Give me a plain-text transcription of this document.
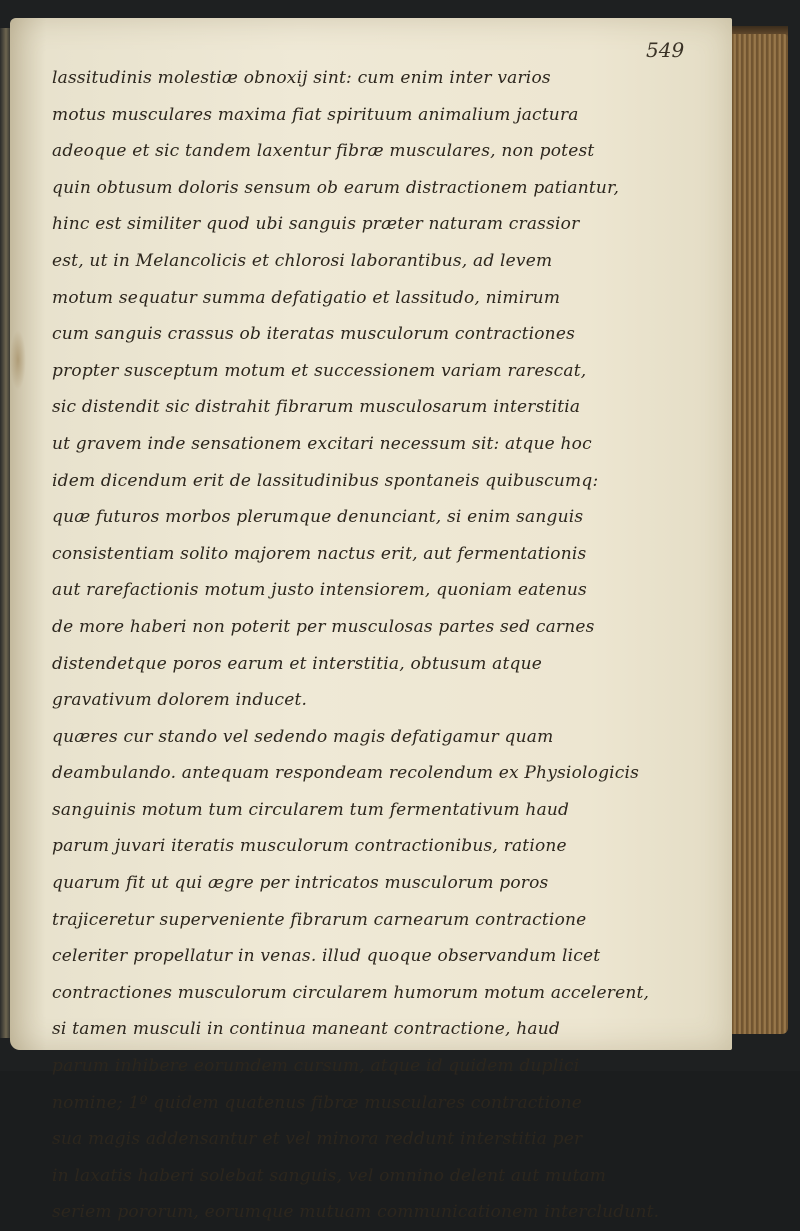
549
lassitudinis molestiæ obnoxij sint: cum enim inter varios
motus musculares maxima fiat spirituum animalium jactura
adeoque et sic tandem laxentur fibræ musculares, non potest
quin obtusum doloris sensum ob earum distractionem patiantur,
hinc est similiter quod ubi sanguis præter naturam crassior
est, ut in Melancolicis et chlorosi laborantibus, ad levem
motum sequatur summa defatigatio et lassitudo, nimirum
cum sanguis crassus ob iteratas musculorum contractiones
propter susceptum motum et successionem variam rarescat,
sic distendit sic distrahit fibrarum musculosarum interstitia
ut gravem inde sensationem excitari necessum sit: atque hoc
idem dicendum erit de lassitudinibus spontaneis quibuscumq:
quæ futuros morbos plerumque denunciant, si enim sanguis
consistentiam solito majorem nactus erit, aut fermentationis
aut rarefactionis motum justo intensiorem, quoniam eatenus
de more haberi non poterit per musculosas partes sed carnes
distendetque poros earum et interstitia, obtusum atque
gravativum dolorem inducet.
quæres cur stando vel sedendo magis defatigamur quam
deambulando. antequam respondeam recolendum ex Physiologicis
sanguinis motum tum circularem tum fermentativum haud
parum juvari iteratis musculorum contractionibus, ratione
quarum fit ut qui ægre per intricatos musculorum poros
trajiceretur superveniente fibrarum carnearum contractione
celeriter propellatur in venas. illud quoque observandum licet
contractiones musculorum circularem humorum motum accelerent,
si tamen musculi in continua maneant contractione, haud
parum inhibere eorumdem cursum, atque id quidem duplici
nomine; 1º quidem quatenus fibræ musculares contractione
sua magis addensantur et vel minora reddunt interstitia per
in laxatis haberi solebat sanguis, vel omnino delent aut mutam
seriem pororum, eorumque mutuam communicationem intercludunt.
